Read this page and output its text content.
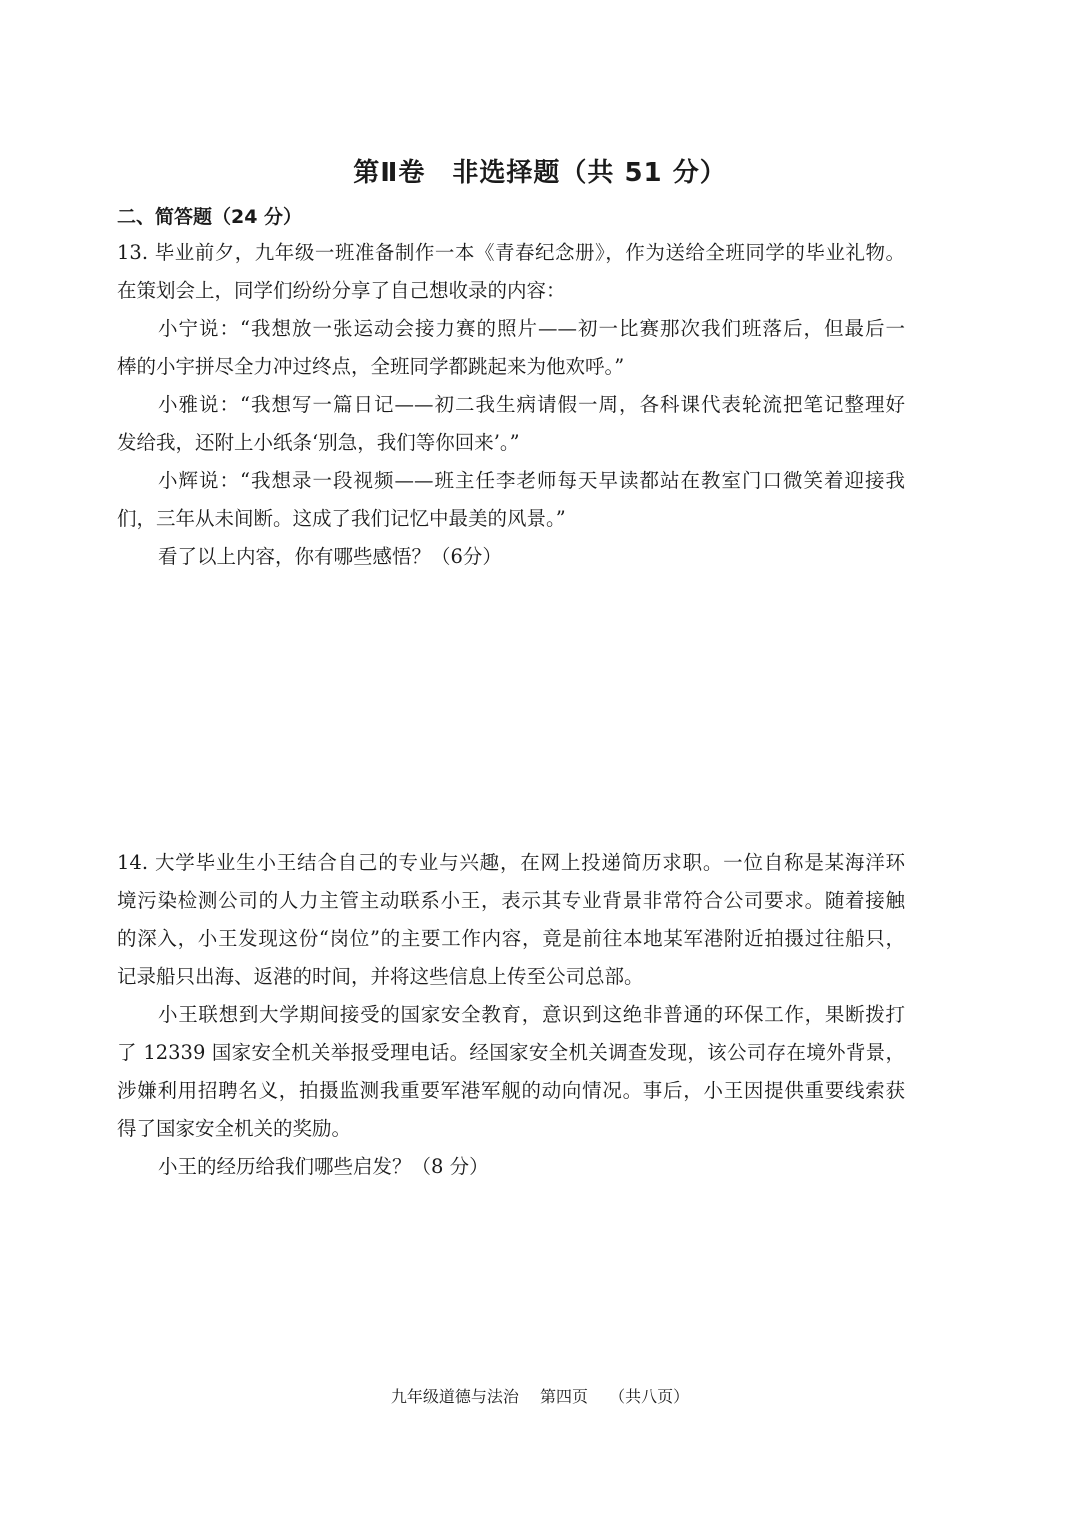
第Ⅱ卷　非选择题（共 51 分）
二、简答题（24 分）
13. 毕业前夕，九年级一班准备制作一本《青春纪念册》，作为送给全班同学的毕业礼物。
在策划会上，同学们纷纷分享了自己想收录的内容：
小宁说：“我想放一张运动会接力赛的照片——初一比赛那次我们班落后，但最后一
棒的小宇拼尽全力冲过终点，全班同学都跳起来为他欢呼。”
小雅说：“我想写一篇日记——初二我生病请假一周，各科课代表轮流把笔记整理好
发给我，还附上小纸条‘别急，我们等你回来’。”
小辉说：“我想录一段视频——班主任李老师每天早读都站在教室门口微笑着迎接我
们，三年从未间断。这成了我们记忆中最美的风景。”
看了以上内容，你有哪些感悟？（6分）
14. 大学毕业生小王结合自己的专业与兴趣，在网上投递简历求职。一位自称是某海洋环
境污染检测公司的人力主管主动联系小王，表示其专业背景非常符合公司要求。随着接触
的深入，小王发现这份“岗位”的主要工作内容，竟是前往本地某军港附近拍摄过往船只，
记录船只出海、返港的时间，并将这些信息上传至公司总部。
小王联想到大学期间接受的国家安全教育，意识到这绝非普通的环保工作，果断拨打
了 12339 国家安全机关举报受理电话。经国家安全机关调查发现，该公司存在境外背景，
涉嫌利用招聘名义，拍摄监测我重要军港军舰的动向情况。事后，小王因提供重要线索获
得了国家安全机关的奖励。
小王的经历给我们哪些启发？（8 分）
九年级道德与法治 第四页 （共八页）
